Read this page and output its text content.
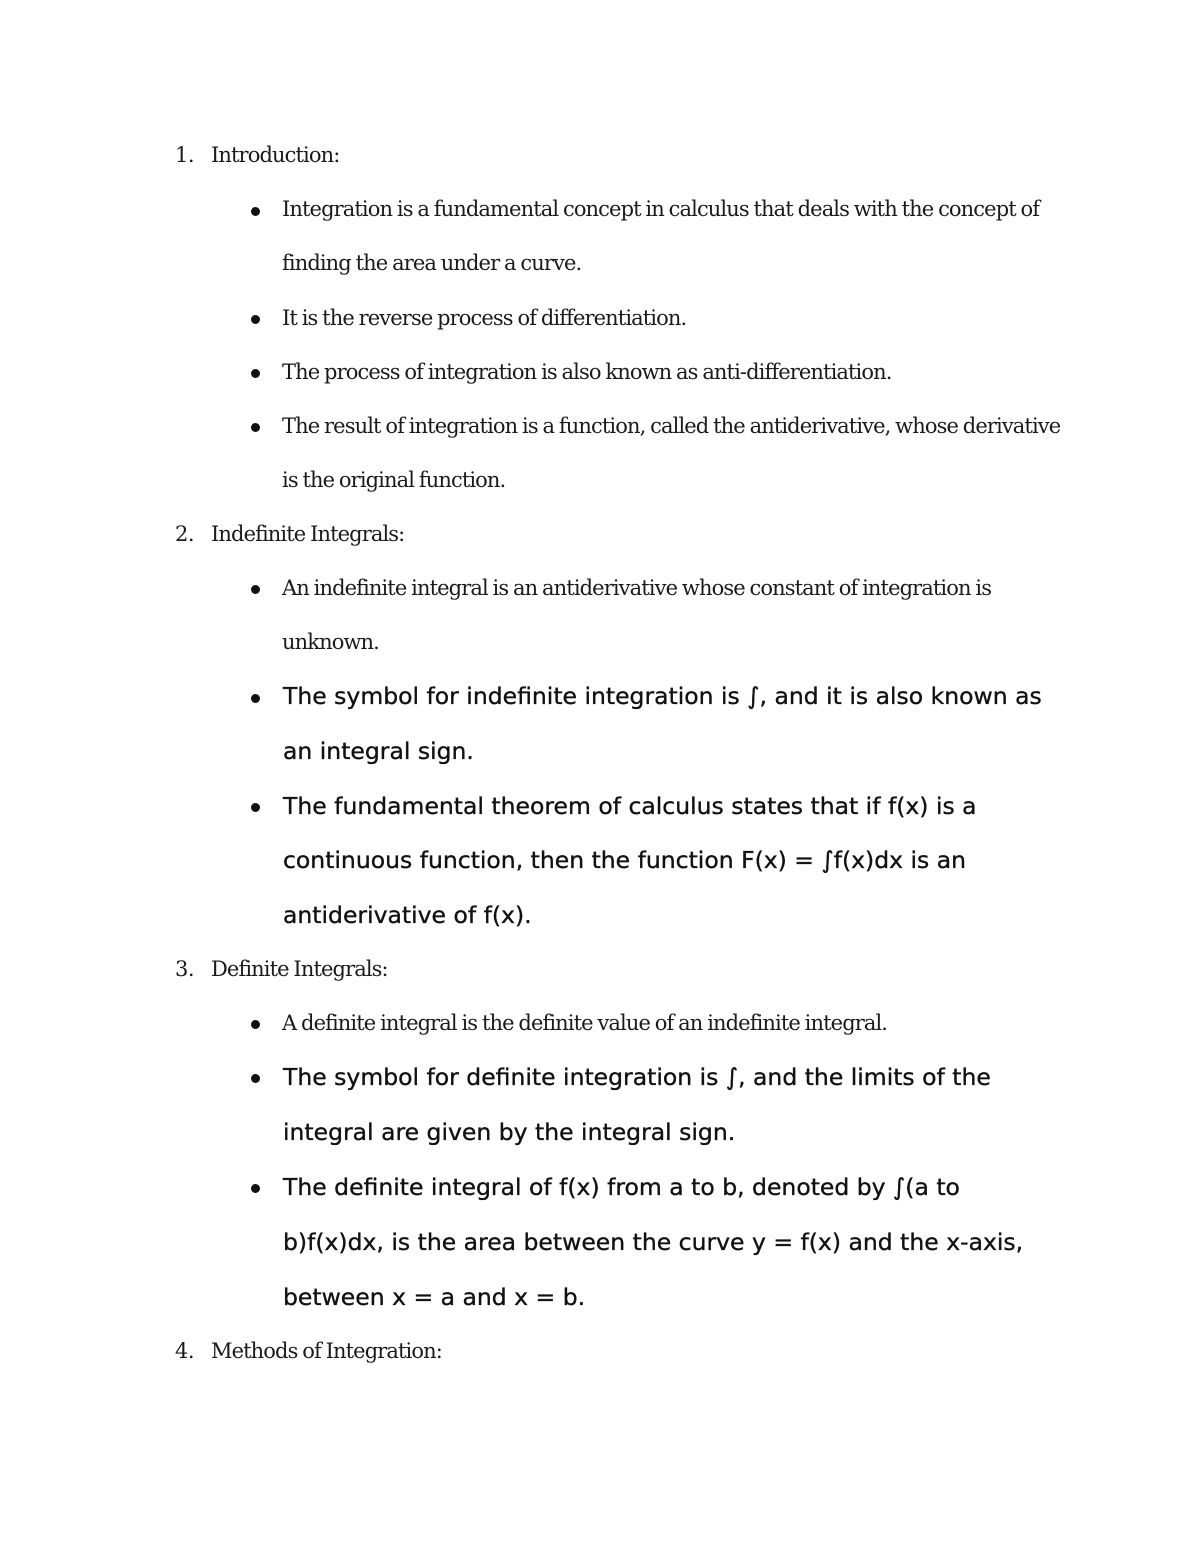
1. Introduction:
Integration is a fundamental concept in calculus that deals with the concept of
finding the area under a curve.
It is the reverse process of differentiation.
The process of integration is also known as anti-differentiation.
The result of integration is a function, called the antiderivative, whose derivative
is the original function.
2. Indefinite Integrals:
An indefinite integral is an antiderivative whose constant of integration is
unknown.
The symbol for indefinite integration is ∫, and it is also known as
an integral sign.
The fundamental theorem of calculus states that if f(x) is a
continuous function, then the function F(x) = ∫f(x)dx is an
antiderivative of f(x).
3. Definite Integrals:
A definite integral is the definite value of an indefinite integral.
The symbol for definite integration is ∫, and the limits of the
integral are given by the integral sign.
The definite integral of f(x) from a to b, denoted by ∫(a to
b)f(x)dx, is the area between the curve y = f(x) and the x-axis,
between x = a and x = b.
4. Methods of Integration:
